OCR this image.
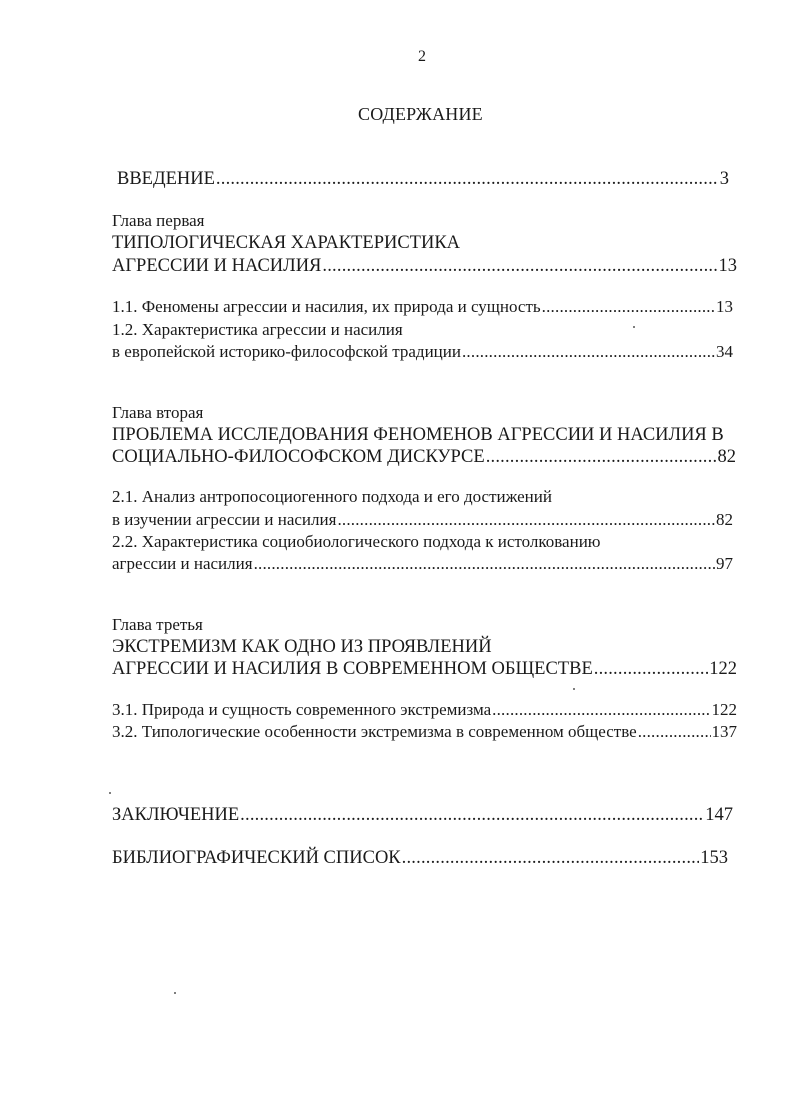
2
СОДЕРЖАНИЕ
ВВЕДЕНИЕ .....	3
Глава первая
ТИПОЛОГИЧЕСКАЯ ХАРАКТЕРИСТИКА
АГРЕССИИ И НАСИЛИЯ .....	13
1.1. Феномены агрессии и насилия, их природа и сущность .....	13
1.2. Характеристика агрессии и насилия
в европейской историко-философской традиции .....	34
Глава вторая
ПРОБЛЕМА ИССЛЕДОВАНИЯ ФЕНОМЕНОВ АГРЕССИИ И НАСИЛИЯ В
СОЦИАЛЬНО-ФИЛОСОФСКОМ ДИСКУРСЕ .....	82
2.1. Анализ антропосоциогенного подхода и его достижений
в изучении агрессии и насилия .....	82
2.2. Характеристика социобиологического подхода к истолкованию
агрессии и насилия .....	97
Глава третья
ЭКСТРЕМИЗМ КАК ОДНО ИЗ ПРОЯВЛЕНИЙ
АГРЕССИИ И НАСИЛИЯ В СОВРЕМЕННОМ ОБЩЕСТВЕ .....	122
3.1. Природа и сущность современного экстремизма .....	122
3.2. Типологические особенности экстремизма в современном обществе .....	137
ЗАКЛЮЧЕНИЕ .....	147
БИБЛИОГРАФИЧЕСКИЙ СПИСОК .....	153
